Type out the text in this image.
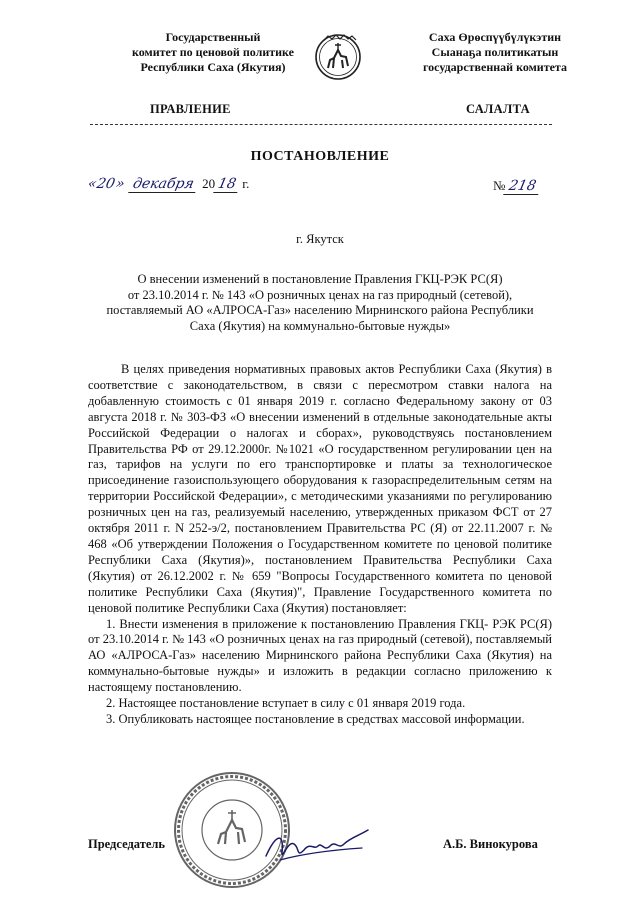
Государственный
комитет по ценовой политике
Республики Саха (Якутия)
Саха Өрөспүүбүлүкэтин
Сыанаҕа политикатын
государственнай комитета
ПРАВЛЕНИЕ	САЛАЛТА
ПОСТАНОВЛЕНИЕ
«20» декабря 2018 г.	№ 218
г. Якутск
О внесении изменений в постановление Правления ГКЦ-РЭК РС(Я)
от 23.10.2014 г. № 143 «О розничных ценах на газ природный (сетевой),
поставляемый АО «АЛРОСА-Газ» населению Мирнинского района Республики
Саха (Якутия) на коммунально-бытовые нужды»

В целях приведения нормативных правовых актов Республики Саха (Якутия) в соответствие с законодательством, в связи с пересмотром ставки налога на добавленную стоимость с 01 января 2019 г. согласно Федеральному закону от 03 августа 2018 г. № 303-ФЗ «О внесении изменений в отдельные законодательные акты Российской Федерации о налогах и сборах», руководствуясь постановлением Правительства РФ от 29.12.2000г. №1021 «О государственном регулировании цен на газ, тарифов на услуги по его транспортировке и платы за технологическое присоединение газоиспользующего оборудования к газораспределительным сетям на территории Российской Федерации», с методическими указаниями по регулированию розничных цен на газ, реализуемый населению, утвержденных приказом ФСТ от 27 октября 2011 г. N 252-э/2, постановлением Правительства РС (Я) от 22.11.2007 г. № 468 «Об утверждении Положения о Государственном комитете по ценовой политике Республики Саха (Якутия)», постановлением Правительства Республики Саха (Якутия) от 26.12.2002 г. № 659 "Вопросы Государственного комитета по ценовой политике Республики Саха (Якутия)", Правление Государственного комитета по ценовой политике Республики Саха (Якутия) постановляет:

1. Внести изменения в приложение к постановлению Правления ГКЦ- РЭК РС(Я) от 23.10.2014 г. № 143 «О розничных ценах на газ природный (сетевой), поставляемый АО «АЛРОСА-Газ» населению Мирнинского района Республики Саха (Якутия) на коммунально-бытовые нужды» и изложить в редакции согласно приложению к настоящему постановлению.

2. Настоящее постановление вступает в силу с 01 января 2019 года.

3. Опубликовать настоящее постановление в средствах массовой информации.

Председатель	А.Б. Винокурова
